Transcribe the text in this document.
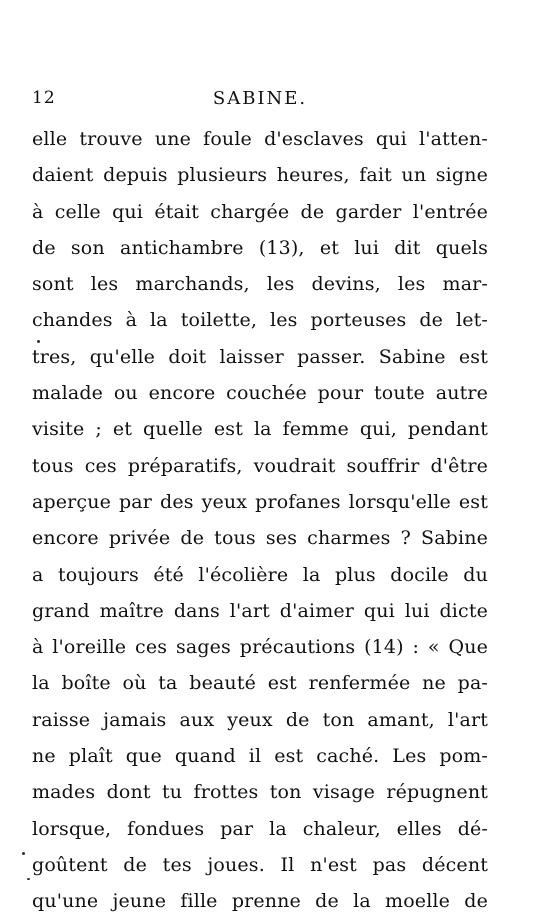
12	SABINE.
elle trouve une foule d'esclaves qui l'atten-
daient depuis plusieurs heures, fait un signe
à celle qui était chargée de garder l'entrée
de son antichambre (13), et lui dit quels
sont les marchands, les devins, les mar-
chandes à la toilette, les porteuses de let-
tres, qu'elle doit laisser passer. Sabine est
malade ou encore couchée pour toute autre
visite ; et quelle est la femme qui, pendant
tous ces préparatifs, voudrait souffrir d'être
aperçue par des yeux profanes lorsqu'elle est
encore privée de tous ses charmes ? Sabine
a toujours été l'écolière la plus docile du
grand maître dans l'art d'aimer qui lui dicte
à l'oreille ces sages précautions (14) : « Que
la boîte où ta beauté est renfermée ne pa-
raisse jamais aux yeux de ton amant, l'art
ne plaît que quand il est caché. Les pom-
mades dont tu frottes ton visage répugnent
lorsque, fondues par la chaleur, elles dé-
goûtent de tes joues. Il n'est pas décent
qu'une jeune fille prenne de la moelle de
